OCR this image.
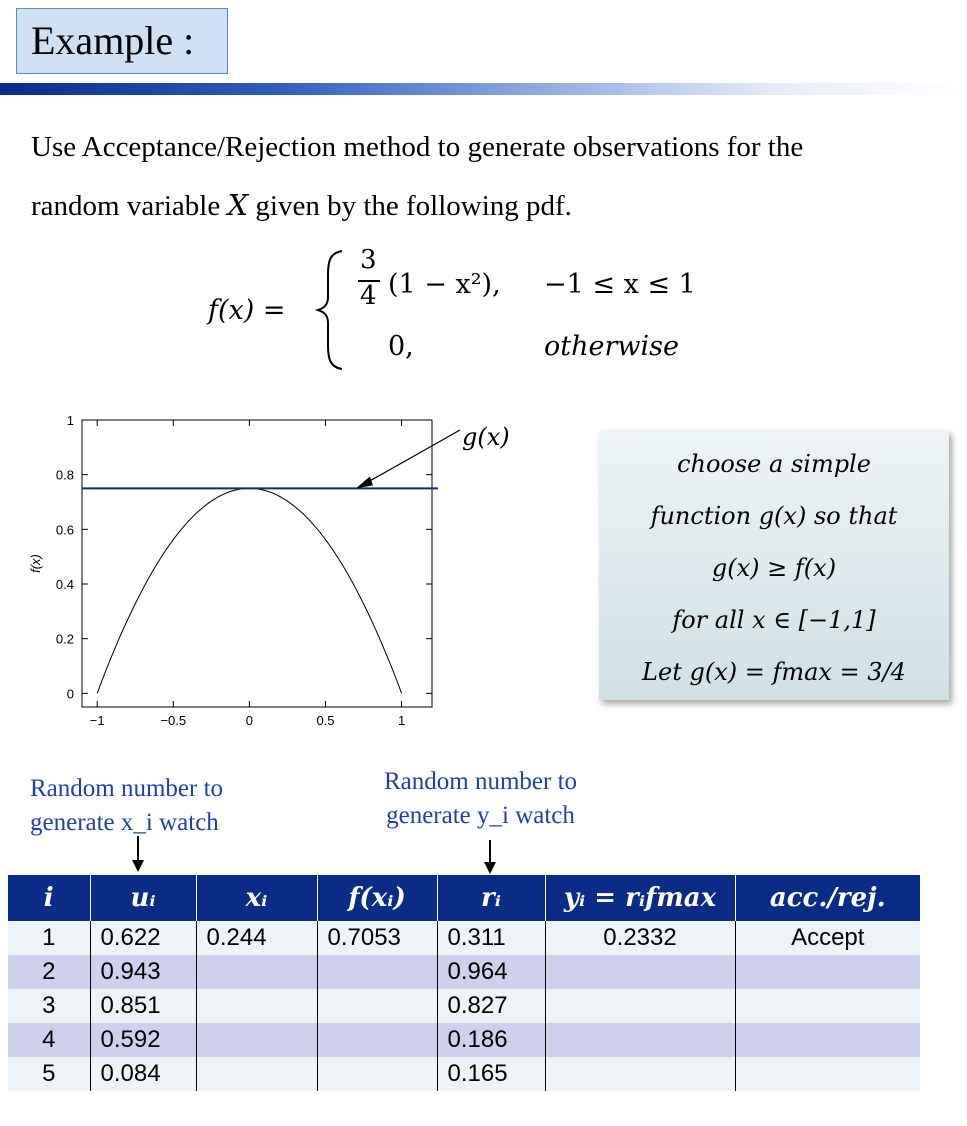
Example :
Use Acceptance/Rejection method to generate observations for the
random variable X given by the following pdf.
f(x) =
3
4 (1 − x²), −1 ≤ x ≤ 1
0,	otherwise
−1	−0.5	0	0.5	1
0
0.2
0.4
0.6
0.8
1
f(x)
g(x)
choose a simple
function g(x) so that
g(x) ≥ f(x)
for all x ∈ [−1,1]
Let g(x) = fmax = 3/4
Random number to
generate x_i watch
Random number to
generate y_i watch
i	uᵢ	xᵢ	f(xᵢ)	rᵢ	yᵢ = rᵢfmax	acc./rej.
1	0.622	0.244	0.7053	0.311	0.2332	Accept
2	0.943			0.964		
3	0.851			0.827		
4	0.592			0.186		
5	0.084			0.165		
